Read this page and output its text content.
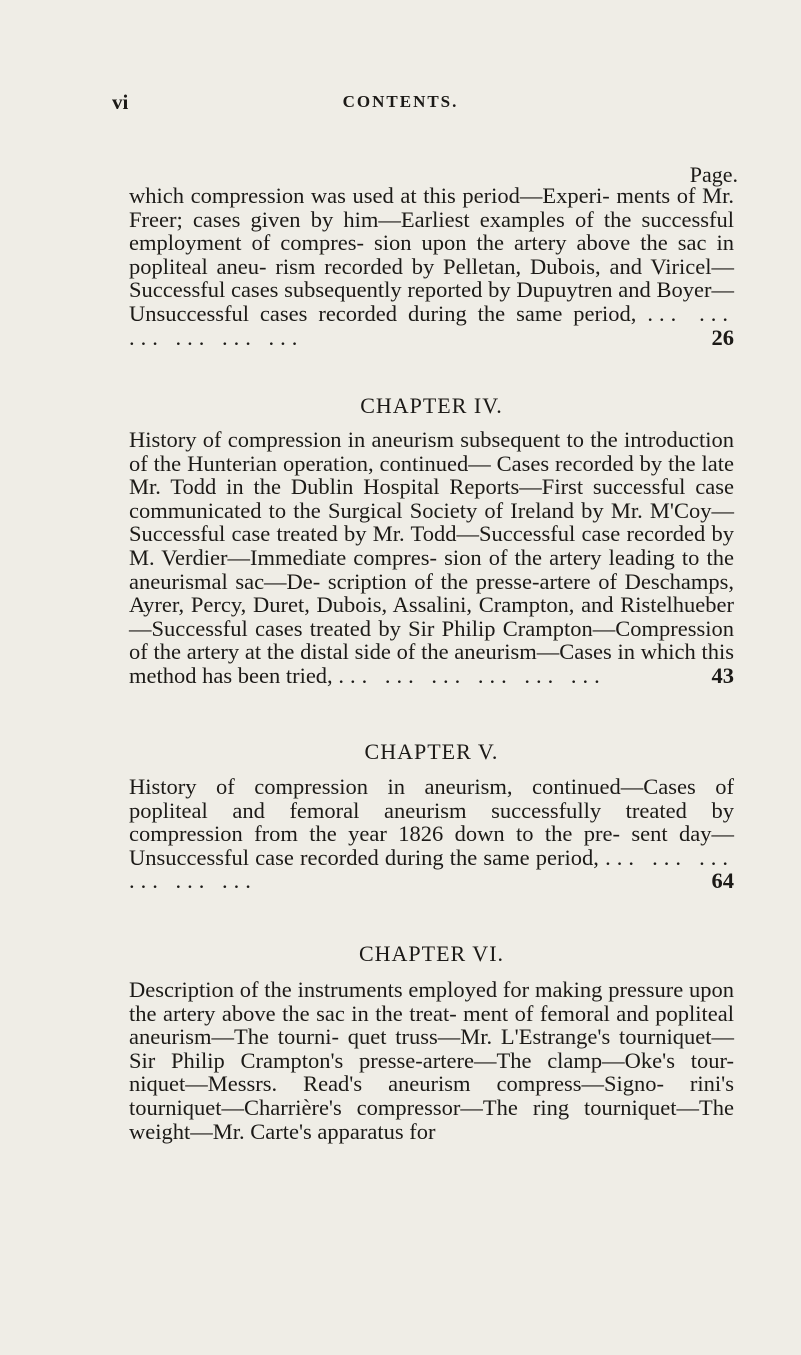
vi	CONTENTS.
Page.
which compression was used at this period—Experi- ments of Mr. Freer; cases given by him—Earliest examples of the successful employment of compres- sion upon the artery above the sac in popliteal aneu- rism recorded by Pelletan, Dubois, and Viricel— Successful cases subsequently reported by Dupuytren and Boyer—Unsuccessful cases recorded during the same period, ... ... ... ... ... ...	26
CHAPTER IV.
History of compression in aneurism subsequent to the introduction of the Hunterian operation, continued— Cases recorded by the late Mr. Todd in the Dublin Hospital Reports—First successful case communicated to the Surgical Society of Ireland by Mr. M'Coy— Successful case treated by Mr. Todd—Successful case recorded by M. Verdier—Immediate compres- sion of the artery leading to the aneurismal sac—De- scription of the presse-artere of Deschamps, Ayrer, Percy, Duret, Dubois, Assalini, Crampton, and Ristelhueber—Successful cases treated by Sir Philip Crampton—Compression of the artery at the distal side of the aneurism—Cases in which this method has been tried, ... ... ... ... ... ...	43
CHAPTER V.
History of compression in aneurism, continued—Cases of popliteal and femoral aneurism successfully treated by compression from the year 1826 down to the pre- sent day—Unsuccessful case recorded during the same period, ... ... ... ... ... ...	64
CHAPTER VI.
Description of the instruments employed for making pressure upon the artery above the sac in the treat- ment of femoral and popliteal aneurism—The tourni- quet truss—Mr. L'Estrange's tourniquet—Sir Philip Crampton's presse-artere—The clamp—Oke's tour- niquet—Messrs. Read's aneurism compress—Signo- rini's tourniquet—Charrière's compressor—The ring tourniquet—The weight—Mr. Carte's apparatus for
